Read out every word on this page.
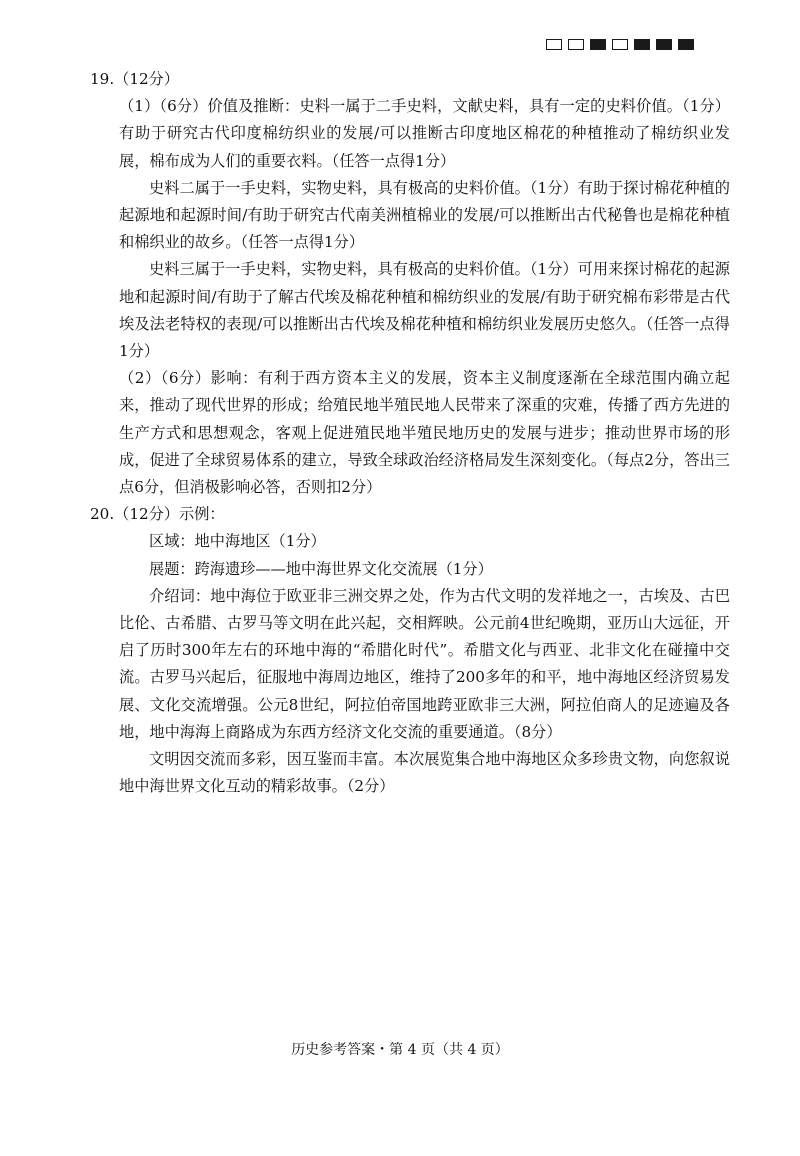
19.（12分）

（1）（6分）价值及推断：史料一属于二手史料，文献史料，具有一定的史料价值。（1分）有助于研究古代印度棉纺织业的发展/可以推断古印度地区棉花的种植推动了棉纺织业发展，棉布成为人们的重要衣料。（任答一点得1分）

史料二属于一手史料，实物史料，具有极高的史料价值。（1分）有助于探讨棉花种植的起源地和起源时间/有助于研究古代南美洲植棉业的发展/可以推断出古代秘鲁也是棉花种植和棉织业的故乡。（任答一点得1分）

史料三属于一手史料，实物史料，具有极高的史料价值。（1分）可用来探讨棉花的起源地和起源时间/有助于了解古代埃及棉花种植和棉纺织业的发展/有助于研究棉布彩带是古代埃及法老特权的表现/可以推断出古代埃及棉花种植和棉纺织业发展历史悠久。（任答一点得1分）

（2）（6分）影响：有利于西方资本主义的发展，资本主义制度逐渐在全球范围内确立起来，推动了现代世界的形成；给殖民地半殖民地人民带来了深重的灾难，传播了西方先进的生产方式和思想观念，客观上促进殖民地半殖民地历史的发展与进步；推动世界市场的形成，促进了全球贸易体系的建立，导致全球政治经济格局发生深刻变化。（每点2分，答出三点6分，但消极影响必答，否则扣2分）

20.（12分）示例：

区域：地中海地区（1分）

展题：跨海遗珍——地中海世界文化交流展（1分）

介绍词：地中海位于欧亚非三洲交界之处，作为古代文明的发祥地之一，古埃及、古巴比伦、古希腊、古罗马等文明在此兴起，交相辉映。公元前4世纪晚期，亚历山大远征，开启了历时300年左右的环地中海的“希腊化时代”。希腊文化与西亚、北非文化在碰撞中交流。古罗马兴起后，征服地中海周边地区，维持了200多年的和平，地中海地区经济贸易发展、文化交流增强。公元8世纪，阿拉伯帝国地跨亚欧非三大洲，阿拉伯商人的足迹遍及各地，地中海海上商路成为东西方经济文化交流的重要通道。（8分）

文明因交流而多彩，因互鉴而丰富。本次展览集合地中海地区众多珍贵文物，向您叙说地中海世界文化互动的精彩故事。（2分）

历史参考答案・第 4 页（共 4 页）
